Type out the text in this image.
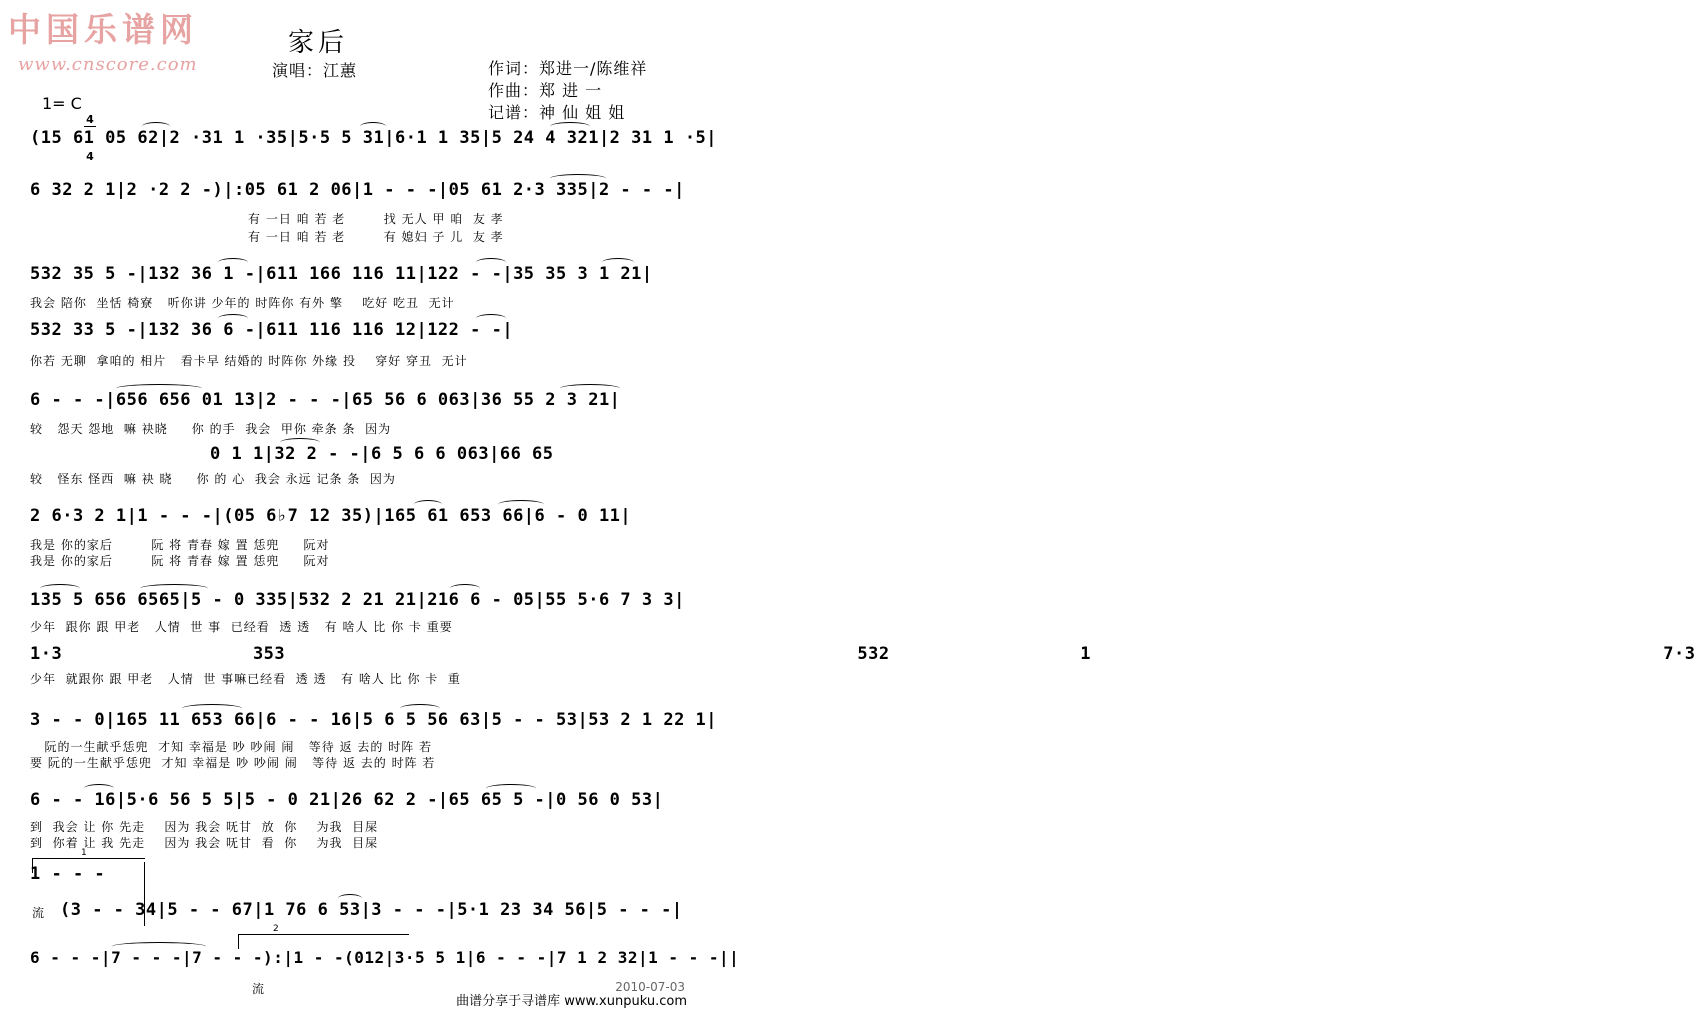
中国乐谱网
www.cnscore.com
家后
演唱：江蕙	作词：郑进一/陈维祥
作曲：郑 进 一
记谱：神 仙 姐 姐
1= C

4

4

(15 61 05 62|2 ·31 1 ·35|5·5 5 31|6·1 1 35|5 24 4 321|2 31 1 ·5|
6 32 2 1|2 ·2 2 -)|:05 61 2 06|1 - - -|05 61 2·3 335|2 - - -|
有 一日 咱 若 老        找 无人 甲 咱  友 孝
有 一日 咱 若 老        有 媳妇 子 儿  友 孝
532 35 5 -|132 36 1 -|611 166 116 11|122 - -|35 35 3 1 21|
我会 陪你  坐恬 椅寮   听你讲 少年的 时阵你 有外 擎    吃好 吃丑  无计
532 33 5 -|132 36 6 -|611 116 116 12|122 - -|
你若 无聊  拿咱的 相片   看卡早 结婚的 时阵你 外缘 投    穿好 穿丑  无计
6 - - -|656 656 01 13|2 - - -|65 56 6 063|36 55 2 3 21|
较   怨天 怨地  嘛 袂晓     你 的手  我会  甲你 牵条 条  因为
0 1 1|32 2 - -|6 5 6 6 063|66 65
较   怪东 怪西  嘛 袂 晓     你 的 心  我会 永远 记条 条  因为
2 6·3 2 1|1 - - -|(05 6♭7 12 35)|165 61 653 66|6 - 0 11|
我是 你的家后        阮 将 青春 嫁 置 恁兜     阮对
我是 你的家后        阮 将 青春 嫁 置 恁兜     阮对
135 5 656 6565|5 - 0 335|532 2 21 21|216 6 - 05|55 5·6 7 3 3|
少年  跟你 跟 甲老   人情  世 事  已经看  透 透   有 啥人 比 你 卡 重要
1·3 353   532 1   7·3
少年  就跟你 跟 甲老   人情  世 事嘛已经看  透 透   有 啥人 比 你 卡  重
3 - - 0|165 11 653 66|6 - - 16|5 6 5 56 63|5 - - 53|53 2 1 22 1|
阮的一生献乎恁兜  才知 幸福是 吵 吵闹 闹   等待 返 去的 时阵 若
要 阮的一生献乎恁兜  才知 幸福是 吵 吵闹 闹   等待 返 去的 时阵 若
6 - - 16|5·6 56 5 5|5 - 0 21|26 62 2 -|65 65 5 -|0 56 0 53|
到  我会 让 你 先走    因为 我会 呒甘  放  你    为我  目屎
到  你着 让 我 先走    因为 我会 呒甘  看  你    为我  目屎
1
1 - - -
(3 - - 34|5 - - 67|1 76 6 53|3 - - -|5·1 23 34 56|5 - - -|
流
2
6 - - -|7 - - -|7 - - -):|1 - -(012|3·5 5 1|6 - - -|7 1 2 32|1 - - -||
流	2010-07-03
曲谱分享于寻谱库 www.xunpuku.com
